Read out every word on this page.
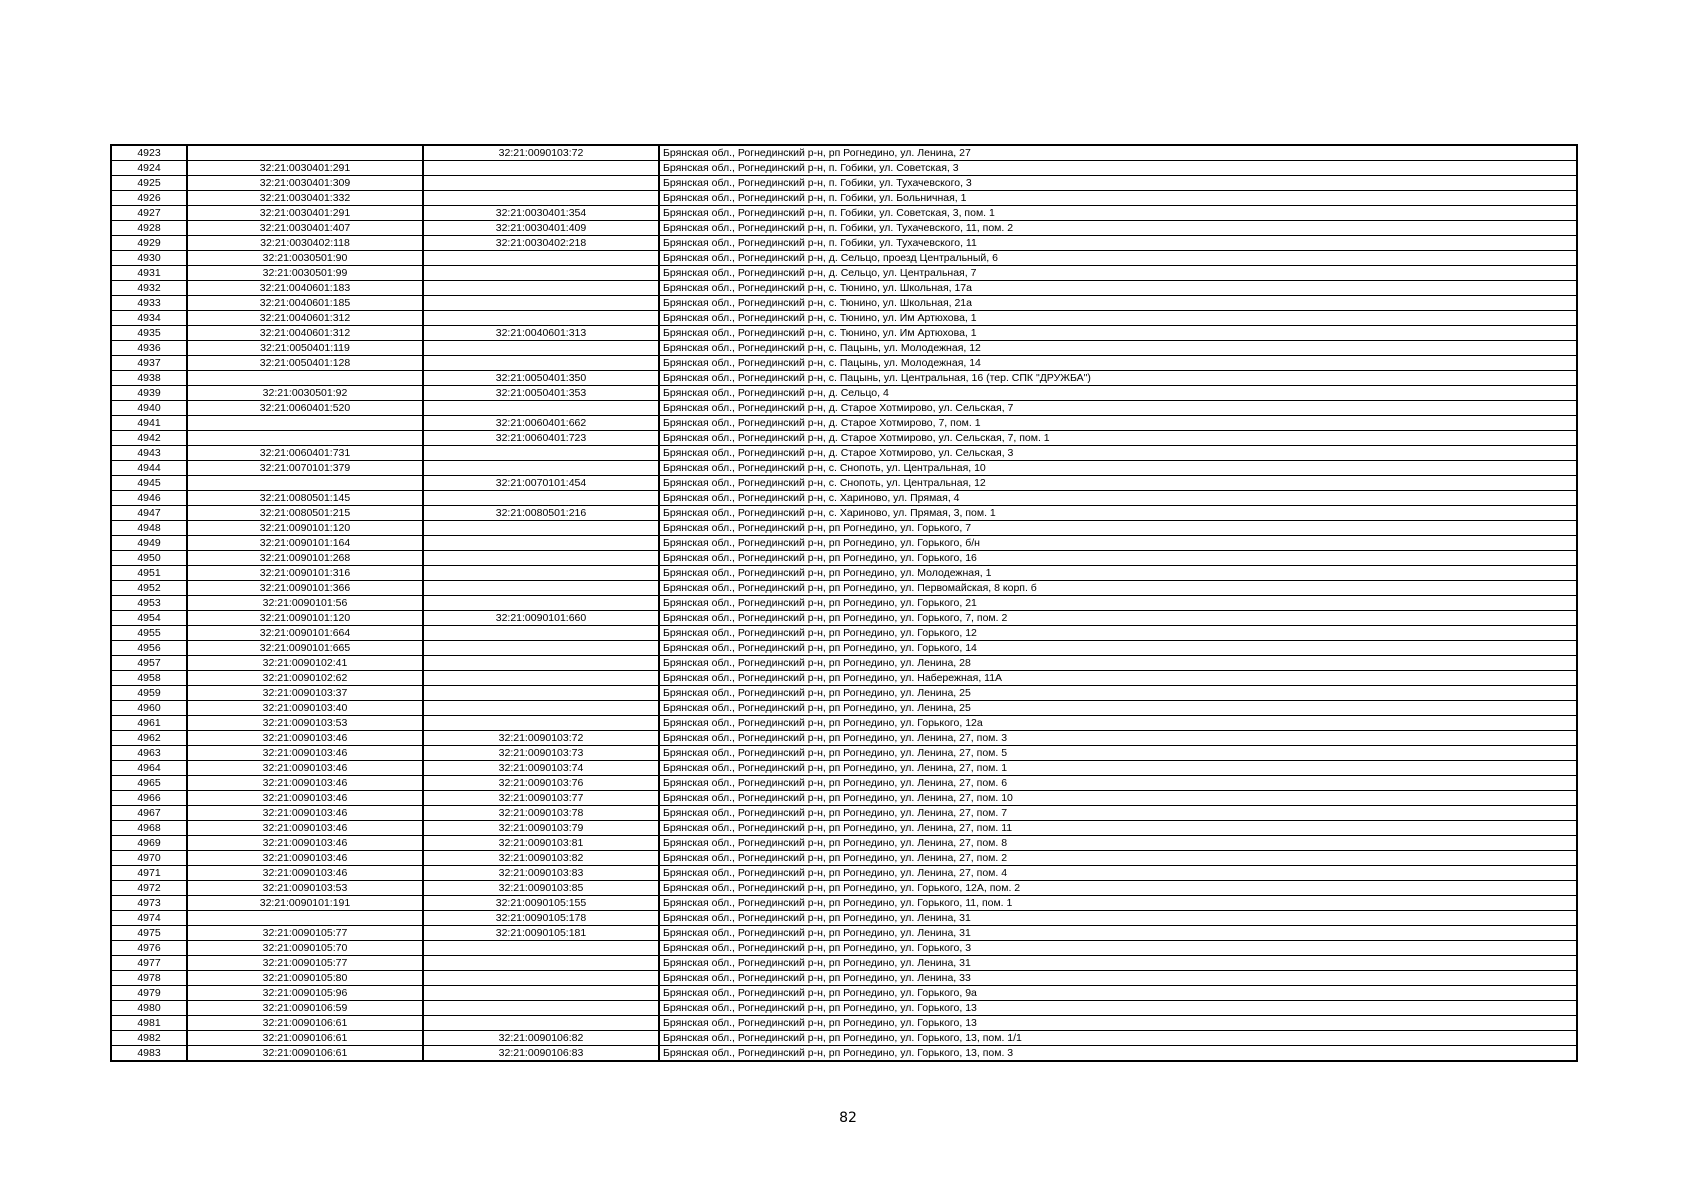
4923		32:21:0090103:72	Брянская обл., Рогнединский р-н, рп Рогнедино, ул. Ленина, 27
4924	32:21:0030401:291		Брянская обл., Рогнединский р-н, п. Гобики, ул. Советская, 3
4925	32:21:0030401:309		Брянская обл., Рогнединский р-н, п. Гобики, ул. Тухачевского, 3
4926	32:21:0030401:332		Брянская обл., Рогнединский р-н, п. Гобики, ул. Больничная, 1
4927	32:21:0030401:291	32:21:0030401:354	Брянская обл., Рогнединский р-н, п. Гобики, ул. Советская, 3, пом. 1
4928	32:21:0030401:407	32:21:0030401:409	Брянская обл., Рогнединский р-н, п. Гобики, ул. Тухачевского, 11, пом. 2
4929	32:21:0030402:118	32:21:0030402:218	Брянская обл., Рогнединский р-н, п. Гобики, ул. Тухачевского, 11
4930	32:21:0030501:90		Брянская обл., Рогнединский р-н, д. Сельцо, проезд Центральный, 6
4931	32:21:0030501:99		Брянская обл., Рогнединский р-н, д. Сельцо, ул. Центральная, 7
4932	32:21:0040601:183		Брянская обл., Рогнединский р-н, с. Тюнино, ул. Школьная, 17а
4933	32:21:0040601:185		Брянская обл., Рогнединский р-н, с. Тюнино, ул. Школьная, 21а
4934	32:21:0040601:312		Брянская обл., Рогнединский р-н, с. Тюнино, ул. Им Артюхова, 1
4935	32:21:0040601:312	32:21:0040601:313	Брянская обл., Рогнединский р-н, с. Тюнино, ул. Им Артюхова, 1
4936	32:21:0050401:119		Брянская обл., Рогнединский р-н, с. Пацынь, ул. Молодежная, 12
4937	32:21:0050401:128		Брянская обл., Рогнединский р-н, с. Пацынь, ул. Молодежная, 14
4938		32:21:0050401:350	Брянская обл., Рогнединский р-н, с. Пацынь, ул. Центральная, 16 (тер. СПК "ДРУЖБА")
4939	32:21:0030501:92	32:21:0050401:353	Брянская обл., Рогнединский р-н, д. Сельцо, 4
4940	32:21:0060401:520		Брянская обл., Рогнединский р-н, д. Старое Хотмирово, ул. Сельская, 7
4941		32:21:0060401:662	Брянская обл., Рогнединский р-н, д. Старое Хотмирово, 7, пом. 1
4942		32:21:0060401:723	Брянская обл., Рогнединский р-н, д. Старое Хотмирово, ул. Сельская, 7, пом. 1
4943	32:21:0060401:731		Брянская обл., Рогнединский р-н, д. Старое Хотмирово, ул. Сельская, 3
4944	32:21:0070101:379		Брянская обл., Рогнединский р-н, с. Снопоть, ул. Центральная, 10
4945		32:21:0070101:454	Брянская обл., Рогнединский р-н, с. Снопоть, ул. Центральная, 12
4946	32:21:0080501:145		Брянская обл., Рогнединский р-н, с. Хариново, ул. Прямая, 4
4947	32:21:0080501:215	32:21:0080501:216	Брянская обл., Рогнединский р-н, с. Хариново, ул. Прямая, 3, пом. 1
4948	32:21:0090101:120		Брянская обл., Рогнединский р-н, рп Рогнедино, ул. Горького, 7
4949	32:21:0090101:164		Брянская обл., Рогнединский р-н, рп Рогнедино, ул. Горького, б/н
4950	32:21:0090101:268		Брянская обл., Рогнединский р-н, рп Рогнедино, ул. Горького, 16
4951	32:21:0090101:316		Брянская обл., Рогнединский р-н, рп Рогнедино, ул. Молодежная, 1
4952	32:21:0090101:366		Брянская обл., Рогнединский р-н, рп Рогнедино, ул. Первомайская, 8 корп. б
4953	32:21:0090101:56		Брянская обл., Рогнединский р-н, рп Рогнедино, ул. Горького, 21
4954	32:21:0090101:120	32:21:0090101:660	Брянская обл., Рогнединский р-н, рп Рогнедино, ул. Горького, 7, пом. 2
4955	32:21:0090101:664		Брянская обл., Рогнединский р-н, рп Рогнедино, ул. Горького, 12
4956	32:21:0090101:665		Брянская обл., Рогнединский р-н, рп Рогнедино, ул. Горького, 14
4957	32:21:0090102:41		Брянская обл., Рогнединский р-н, рп Рогнедино, ул. Ленина, 28
4958	32:21:0090102:62		Брянская обл., Рогнединский р-н, рп Рогнедино, ул. Набережная, 11А
4959	32:21:0090103:37		Брянская обл., Рогнединский р-н, рп Рогнедино, ул. Ленина, 25
4960	32:21:0090103:40		Брянская обл., Рогнединский р-н, рп Рогнедино, ул. Ленина, 25
4961	32:21:0090103:53		Брянская обл., Рогнединский р-н, рп Рогнедино, ул. Горького, 12а
4962	32:21:0090103:46	32:21:0090103:72	Брянская обл., Рогнединский р-н, рп Рогнедино, ул. Ленина, 27, пом. 3
4963	32:21:0090103:46	32:21:0090103:73	Брянская обл., Рогнединский р-н, рп Рогнедино, ул. Ленина, 27, пом. 5
4964	32:21:0090103:46	32:21:0090103:74	Брянская обл., Рогнединский р-н, рп Рогнедино, ул. Ленина, 27, пом. 1
4965	32:21:0090103:46	32:21:0090103:76	Брянская обл., Рогнединский р-н, рп Рогнедино, ул. Ленина, 27, пом. 6
4966	32:21:0090103:46	32:21:0090103:77	Брянская обл., Рогнединский р-н, рп Рогнедино, ул. Ленина, 27, пом. 10
4967	32:21:0090103:46	32:21:0090103:78	Брянская обл., Рогнединский р-н, рп Рогнедино, ул. Ленина, 27, пом. 7
4968	32:21:0090103:46	32:21:0090103:79	Брянская обл., Рогнединский р-н, рп Рогнедино, ул. Ленина, 27, пом. 11
4969	32:21:0090103:46	32:21:0090103:81	Брянская обл., Рогнединский р-н, рп Рогнедино, ул. Ленина, 27, пом. 8
4970	32:21:0090103:46	32:21:0090103:82	Брянская обл., Рогнединский р-н, рп Рогнедино, ул. Ленина, 27, пом. 2
4971	32:21:0090103:46	32:21:0090103:83	Брянская обл., Рогнединский р-н, рп Рогнедино, ул. Ленина, 27, пом. 4
4972	32:21:0090103:53	32:21:0090103:85	Брянская обл., Рогнединский р-н, рп Рогнедино, ул. Горького, 12А, пом. 2
4973	32:21:0090101:191	32:21:0090105:155	Брянская обл., Рогнединский р-н, рп Рогнедино, ул. Горького, 11, пом. 1
4974		32:21:0090105:178	Брянская обл., Рогнединский р-н, рп Рогнедино, ул. Ленина, 31
4975	32:21:0090105:77	32:21:0090105:181	Брянская обл., Рогнединский р-н, рп Рогнедино, ул. Ленина, 31
4976	32:21:0090105:70		Брянская обл., Рогнединский р-н, рп Рогнедино, ул. Горького, 3
4977	32:21:0090105:77		Брянская обл., Рогнединский р-н, рп Рогнедино, ул. Ленина, 31
4978	32:21:0090105:80		Брянская обл., Рогнединский р-н, рп Рогнедино, ул. Ленина, 33
4979	32:21:0090105:96		Брянская обл., Рогнединский р-н, рп Рогнедино, ул. Горького, 9а
4980	32:21:0090106:59		Брянская обл., Рогнединский р-н, рп Рогнедино, ул. Горького, 13
4981	32:21:0090106:61		Брянская обл., Рогнединский р-н, рп Рогнедино, ул. Горького, 13
4982	32:21:0090106:61	32:21:0090106:82	Брянская обл., Рогнединский р-н, рп Рогнедино, ул. Горького, 13, пом. 1/1
4983	32:21:0090106:61	32:21:0090106:83	Брянская обл., Рогнединский р-н, рп Рогнедино, ул. Горького, 13, пом. 3
82
